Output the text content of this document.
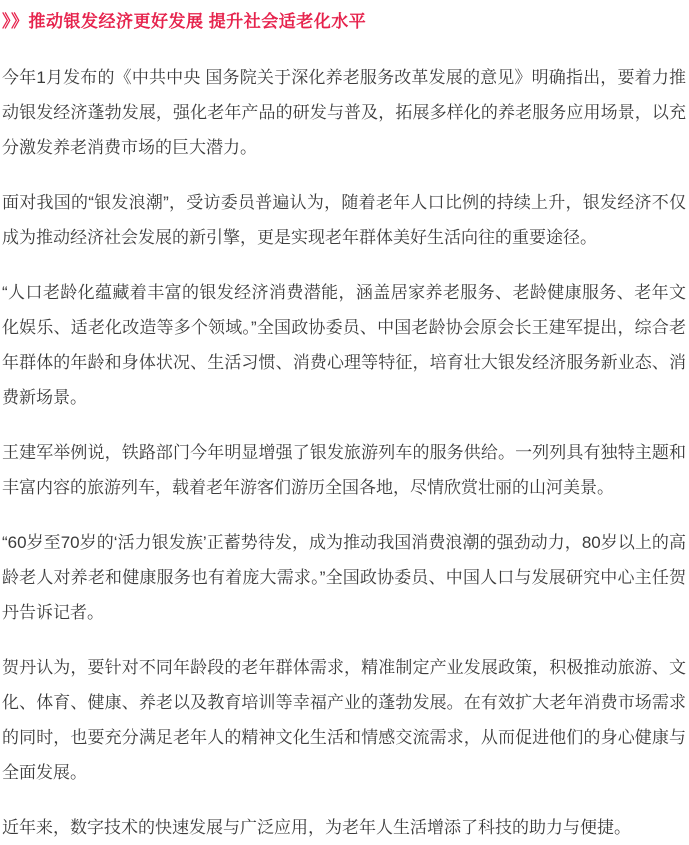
》》推动银发经济更好发展 提升社会适老化水平

今年1月发布的《中共中央 国务院关于深化养老服务改革发展的意见》明确指出，要着力推动银发经济蓬勃发展，强化老年产品的研发与普及，拓展多样化的养老服务应用场景，以充分激发养老消费市场的巨大潜力。

面对我国的“银发浪潮”，受访委员普遍认为，随着老年人口比例的持续上升，银发经济不仅成为推动经济社会发展的新引擎，更是实现老年群体美好生活向往的重要途径。

“人口老龄化蕴藏着丰富的银发经济消费潜能，涵盖居家养老服务、老龄健康服务、老年文化娱乐、适老化改造等多个领域。”全国政协委员、中国老龄协会原会长王建军提出，综合老年群体的年龄和身体状况、生活习惯、消费心理等特征，培育壮大银发经济服务新业态、消费新场景。

王建军举例说，铁路部门今年明显增强了银发旅游列车的服务供给。一列列具有独特主题和丰富内容的旅游列车，载着老年游客们游历全国各地，尽情欣赏壮丽的山河美景。

“60岁至70岁的‘活力银发族’正蓄势待发，成为推动我国消费浪潮的强劲动力，80岁以上的高龄老人对养老和健康服务也有着庞大需求。”全国政协委员、中国人口与发展研究中心主任贺丹告诉记者。

贺丹认为，要针对不同年龄段的老年群体需求，精准制定产业发展政策，积极推动旅游、文化、体育、健康、养老以及教育培训等幸福产业的蓬勃发展。在有效扩大老年消费市场需求的同时，也要充分满足老年人的精神文化生活和情感交流需求，从而促进他们的身心健康与全面发展。

近年来，数字技术的快速发展与广泛应用，为老年人生活增添了科技的助力与便捷。
